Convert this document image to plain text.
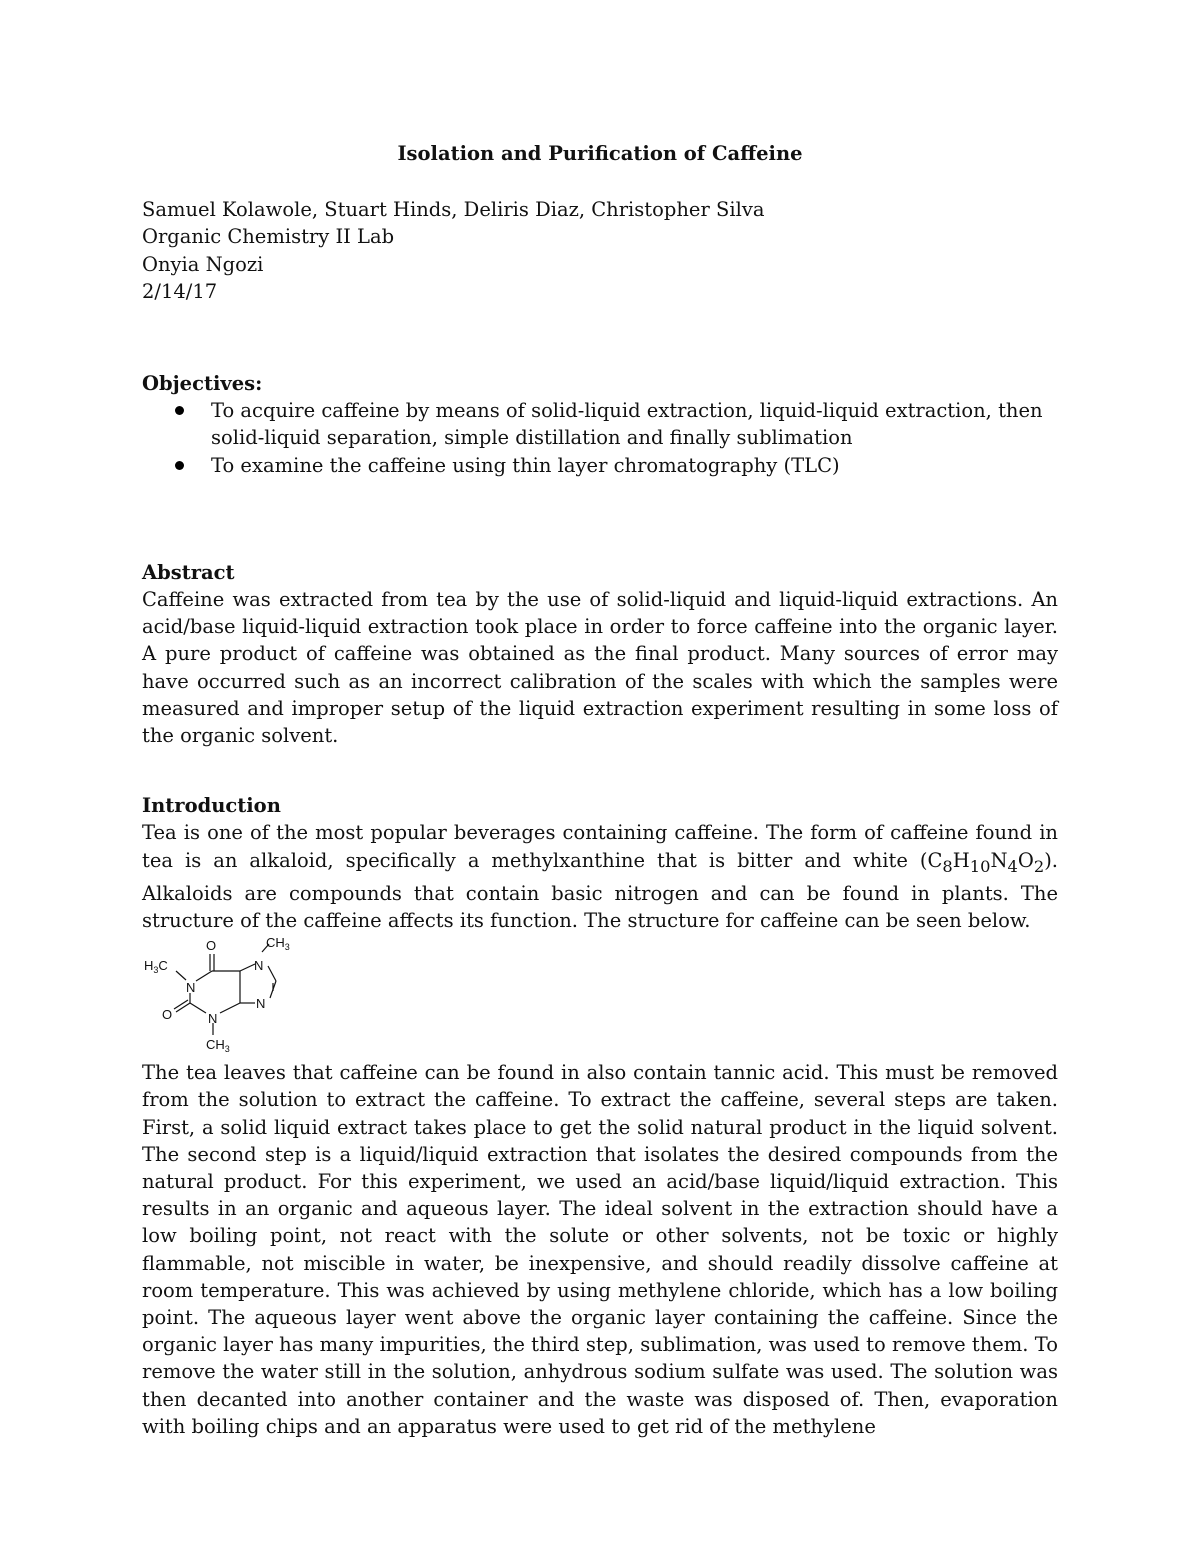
Isolation and Purification of Caffeine
Samuel Kolawole, Stuart Hinds, Deliris Diaz, Christopher Silva
Organic Chemistry II Lab
Onyia Ngozi
2/14/17
Objectives:
To acquire caffeine by means of solid-liquid extraction, liquid-liquid extraction, then solid-liquid separation, simple distillation and finally sublimation
To examine the caffeine using thin layer chromatography (TLC)
Abstract

Caffeine was extracted from tea by the use of solid-liquid and liquid-liquid extractions. An acid/base liquid-liquid extraction took place in order to force caffeine into the organic layer. A pure product of caffeine was obtained as the final product. Many sources of error may have occurred such as an incorrect calibration of the scales with which the samples were measured and improper setup of the liquid extraction experiment resulting in some loss of the organic solvent.

Introduction

Tea is one of the most popular beverages containing caffeine. The form of caffeine found in tea is an alkaloid, specifically a methylxanthine that is bitter and white $(C_8H_{10}N_4O_2)$. Alkaloids are compounds that contain basic nitrogen and can be found in plants. The structure of the caffeine affects its function. The structure for caffeine can be seen below.

O	$CH_3$
$H_3C$
N
N
N
N
O
$CH_3$

The tea leaves that caffeine can be found in also contain tannic acid. This must be removed from the solution to extract the caffeine. To extract the caffeine, several steps are taken. First, a solid liquid extract takes place to get the solid natural product in the liquid solvent. The second step is a liquid/liquid extraction that isolates the desired compounds from the natural product. For this experiment, we used an acid/base liquid/liquid extraction. This results in an organic and aqueous layer. The ideal solvent in the extraction should have a low boiling point, not react with the solute or other solvents, not be toxic or highly flammable, not miscible in water, be inexpensive, and should readily dissolve caffeine at room temperature. This was achieved by using methylene chloride, which has a low boiling point. The aqueous layer went above the organic layer containing the caffeine. Since the organic layer has many impurities, the third step, sublimation, was used to remove them. To remove the water still in the solution, anhydrous sodium sulfate was used. The solution was then decanted into another container and the waste was disposed of. Then, evaporation with boiling chips and an apparatus were used to get rid of the methylene
